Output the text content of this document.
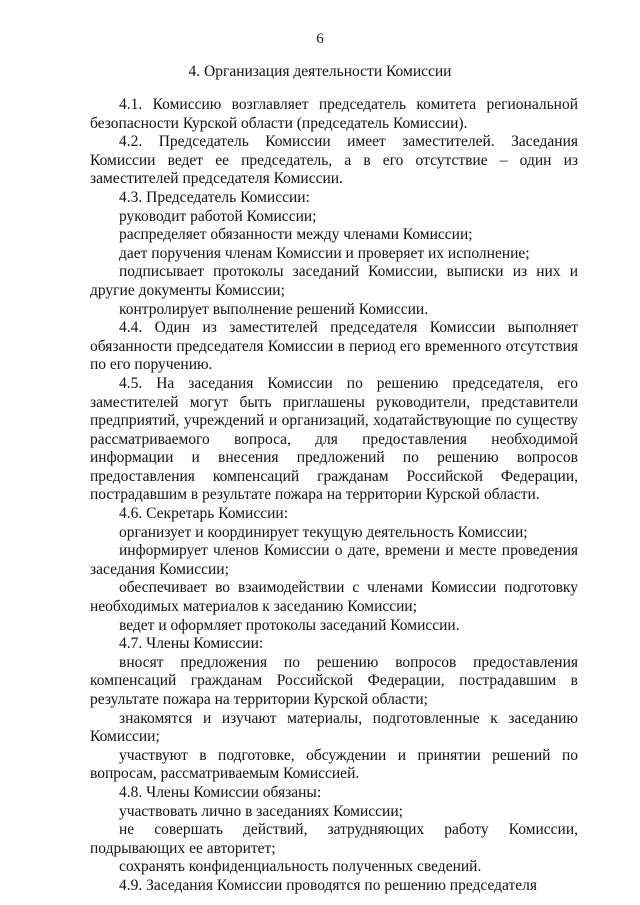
6
4. Организация деятельности Комиссии

4.1. Комиссию возглавляет председатель комитета региональной безопасности Курской области (председатель Комиссии).

4.2. Председатель Комиссии имеет заместителей. Заседания Комиссии ведет ее председатель, а в его отсутствие – один из заместителей председателя Комиссии.

4.3. Председатель Комиссии:

руководит работой Комиссии;

распределяет обязанности между членами Комиссии;

дает поручения членам Комиссии и проверяет их исполнение;

подписывает протоколы заседаний Комиссии, выписки из них и другие документы Комиссии;

контролирует выполнение решений Комиссии.

4.4. Один из заместителей председателя Комиссии выполняет обязанности председателя Комиссии в период его временного отсутствия по его поручению.

4.5. На заседания Комиссии по решению председателя, его заместителей могут быть приглашены руководители, представители предприятий, учреждений и организаций, ходатайствующие по существу рассматриваемого вопроса, для предоставления необходимой информации и внесения предложений по решению вопросов предоставления компенсаций гражданам Российской Федерации, пострадавшим в результате пожара на территории Курской области.

4.6. Секретарь Комиссии:

организует и координирует текущую деятельность Комиссии;

информирует членов Комиссии о дате, времени и месте проведения заседания Комиссии;

обеспечивает во взаимодействии с членами Комиссии подготовку необходимых материалов к заседанию Комиссии;

ведет и оформляет протоколы заседаний Комиссии.

4.7. Члены Комиссии:

вносят предложения по решению вопросов предоставления компенсаций гражданам Российской Федерации, пострадавшим в результате пожара на территории Курской области;

знакомятся и изучают материалы, подготовленные к заседанию Комиссии;

участвуют в подготовке, обсуждении и принятии решений по вопросам, рассматриваемым Комиссией.

4.8. Члены Комиссии обязаны:

участвовать лично в заседаниях Комиссии;

не совершать действий, затрудняющих работу Комиссии, подрывающих ее авторитет;

сохранять конфиденциальность полученных сведений.

4.9. Заседания Комиссии проводятся по решению председателя
